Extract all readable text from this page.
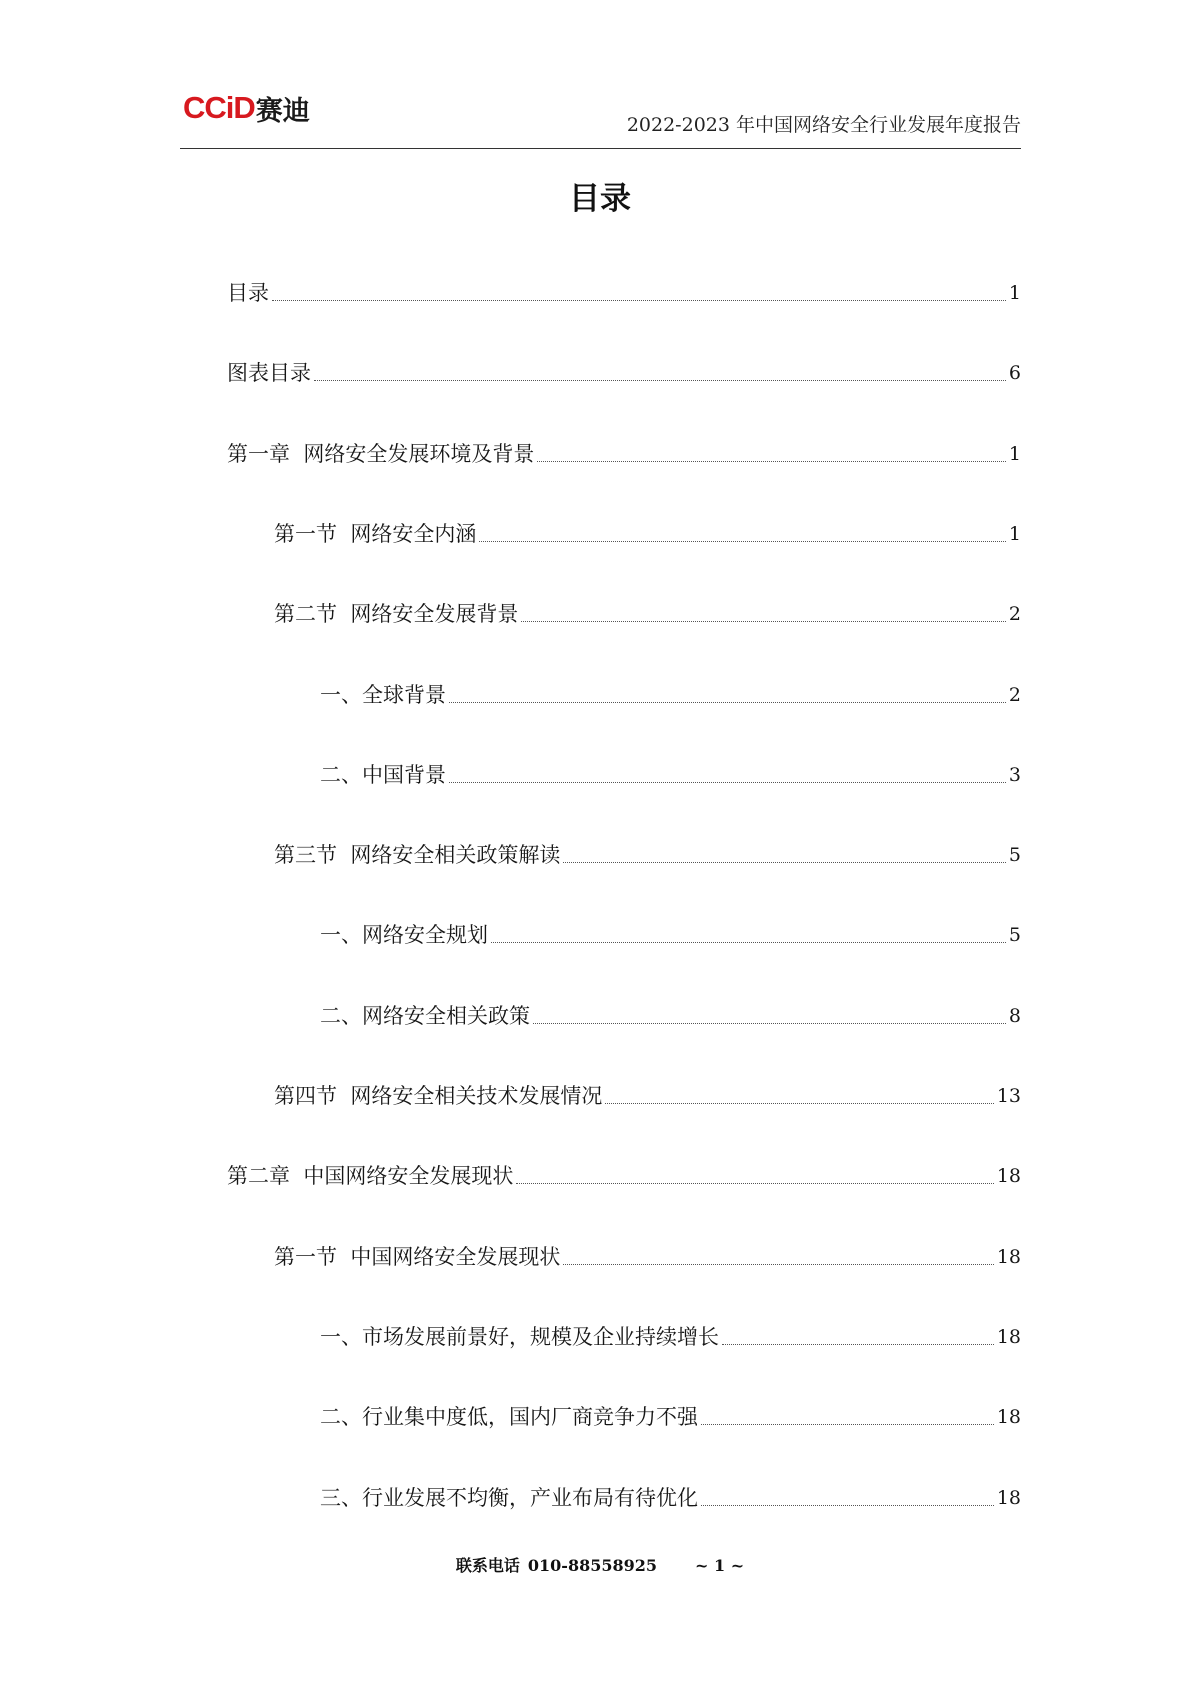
CCiD 赛迪	2022-2023 年中国网络安全行业发展年度报告
目录
目录	1
图表目录	6
第一章  网络安全发展环境及背景	1
第一节  网络安全内涵	1
第二节  网络安全发展背景	2
一、全球背景	2
二、中国背景	3
第三节  网络安全相关政策解读	5
一、网络安全规划	5
二、网络安全相关政策	8
第四节  网络安全相关技术发展情况	13
第二章  中国网络安全发展现状	18
第一节  中国网络安全发展现状	18
一、市场发展前景好，规模及企业持续增长	18
二、行业集中度低，国内厂商竞争力不强	18
三、行业发展不均衡，产业布局有待优化	18
联系电话 010-88558925 ~ 1 ~
